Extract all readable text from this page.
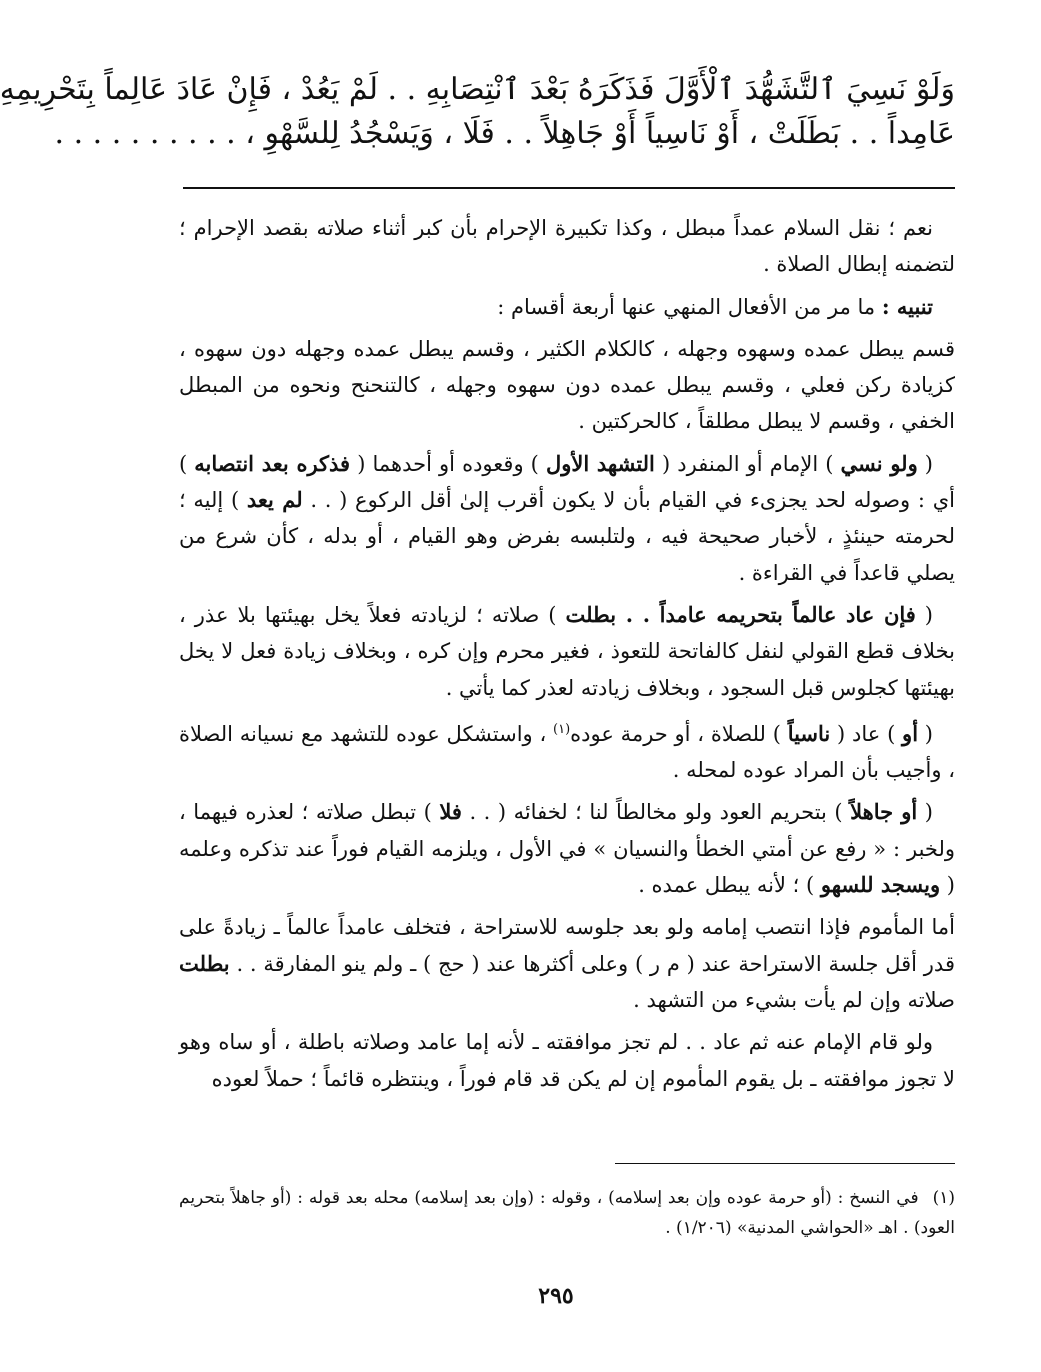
وَلَوْ نَسِيَ ٱلتَّشَهُّدَ ٱلْأَوَّلَ فَذَكَرَهُ بَعْدَ ٱنْتِصَابِهِ . . لَمْ يَعُدْ ، فَإِنْ عَادَ عَالِماً بِتَحْرِيمِهِ
عَامِداً . . بَطَلَتْ ، أَوْ نَاسِياً أَوْ جَاهِلاً . . فَلَا ، وَيَسْجُدُ لِلسَّهْوِ ، . . . . . . . . . .

نعم ؛ نقل السلام عمداً مبطل ، وكذا تكبيرة الإحرام بأن كبر أثناء صلاته بقصد الإحرام ؛ لتضمنه إبطال الصلاة .

تنبيه : ما مر من الأفعال المنهي عنها أربعة أقسام :

قسم يبطل عمده وسهوه وجهله ، كالكلام الكثير ، وقسم يبطل عمده وجهله دون سهوه ، كزيادة ركن فعلي ، وقسم يبطل عمده دون سهوه وجهله ، كالتنحنح ونحوه من المبطل الخفي ، وقسم لا يبطل مطلقاً ، كالحركتين .

( ولو نسي ) الإمام أو المنفرد ( التشهد الأول ) وقعوده أو أحدهما ( فذكره بعد انتصابه ) أي : وصوله لحد يجزىء في القيام بأن لا يكون أقرب إلىٰ أقل الركوع ( . . لم يعد ) إليه ؛ لحرمته حينئذٍ ، لأخبار صحيحة فيه ، ولتلبسه بفرض وهو القيام ، أو بدله ، كأن شرع من يصلي قاعداً في القراءة .

( فإن عاد عالماً بتحريمه عامداً . . بطلت ) صلاته ؛ لزيادته فعلاً يخل بهيئتها بلا عذر ، بخلاف قطع القولي لنفل كالفاتحة للتعوذ ، فغير محرم وإن كره ، وبخلاف زيادة فعل لا يخل بهيئتها كجلوس قبل السجود ، وبخلاف زيادته لعذر كما يأتي .

( أو ) عاد ( ناسياً ) للصلاة ، أو حرمة عوده$^{(١)}$ ، واستشكل عوده للتشهد مع نسيانه الصلاة ، وأجيب بأن المراد عوده لمحله .

( أو جاهلاً ) بتحريم العود ولو مخالطاً لنا ؛ لخفائه ( . . فلا ) تبطل صلاته ؛ لعذره فيهما ، ولخبر : « رفع عن أمتي الخطأ والنسيان » في الأول ، ويلزمه القيام فوراً عند تذكره وعلمه ( ويسجد للسهو ) ؛ لأنه يبطل عمده .

أما المأموم فإذا انتصب إمامه ولو بعد جلوسه للاستراحة ، فتخلف عامداً عالماً ـ زيادةً على قدر أقل جلسة الاستراحة عند ( م ر ) وعلى أكثرها عند ( حج ) ـ ولم ينو المفارقة . . بطلت صلاته وإن لم يأت بشيء من التشهد .

ولو قام الإمام عنه ثم عاد . . لم تجز موافقته ـ لأنه إما عامد وصلاته باطلة ، أو ساه وهو لا تجوز موافقته ـ بل يقوم المأموم إن لم يكن قد قام فوراً ، وينتظره قائماً ؛ حملاً لعوده

(١)في النسخ : (أو حرمة عوده وإن بعد إسلامه) ، وقوله : (وإن بعد إسلامه) محله بعد قوله : (أو جاهلاً بتحريم العود) . اهـ «الحواشي المدنية» (١/٢٠٦) .
٢٩٥
